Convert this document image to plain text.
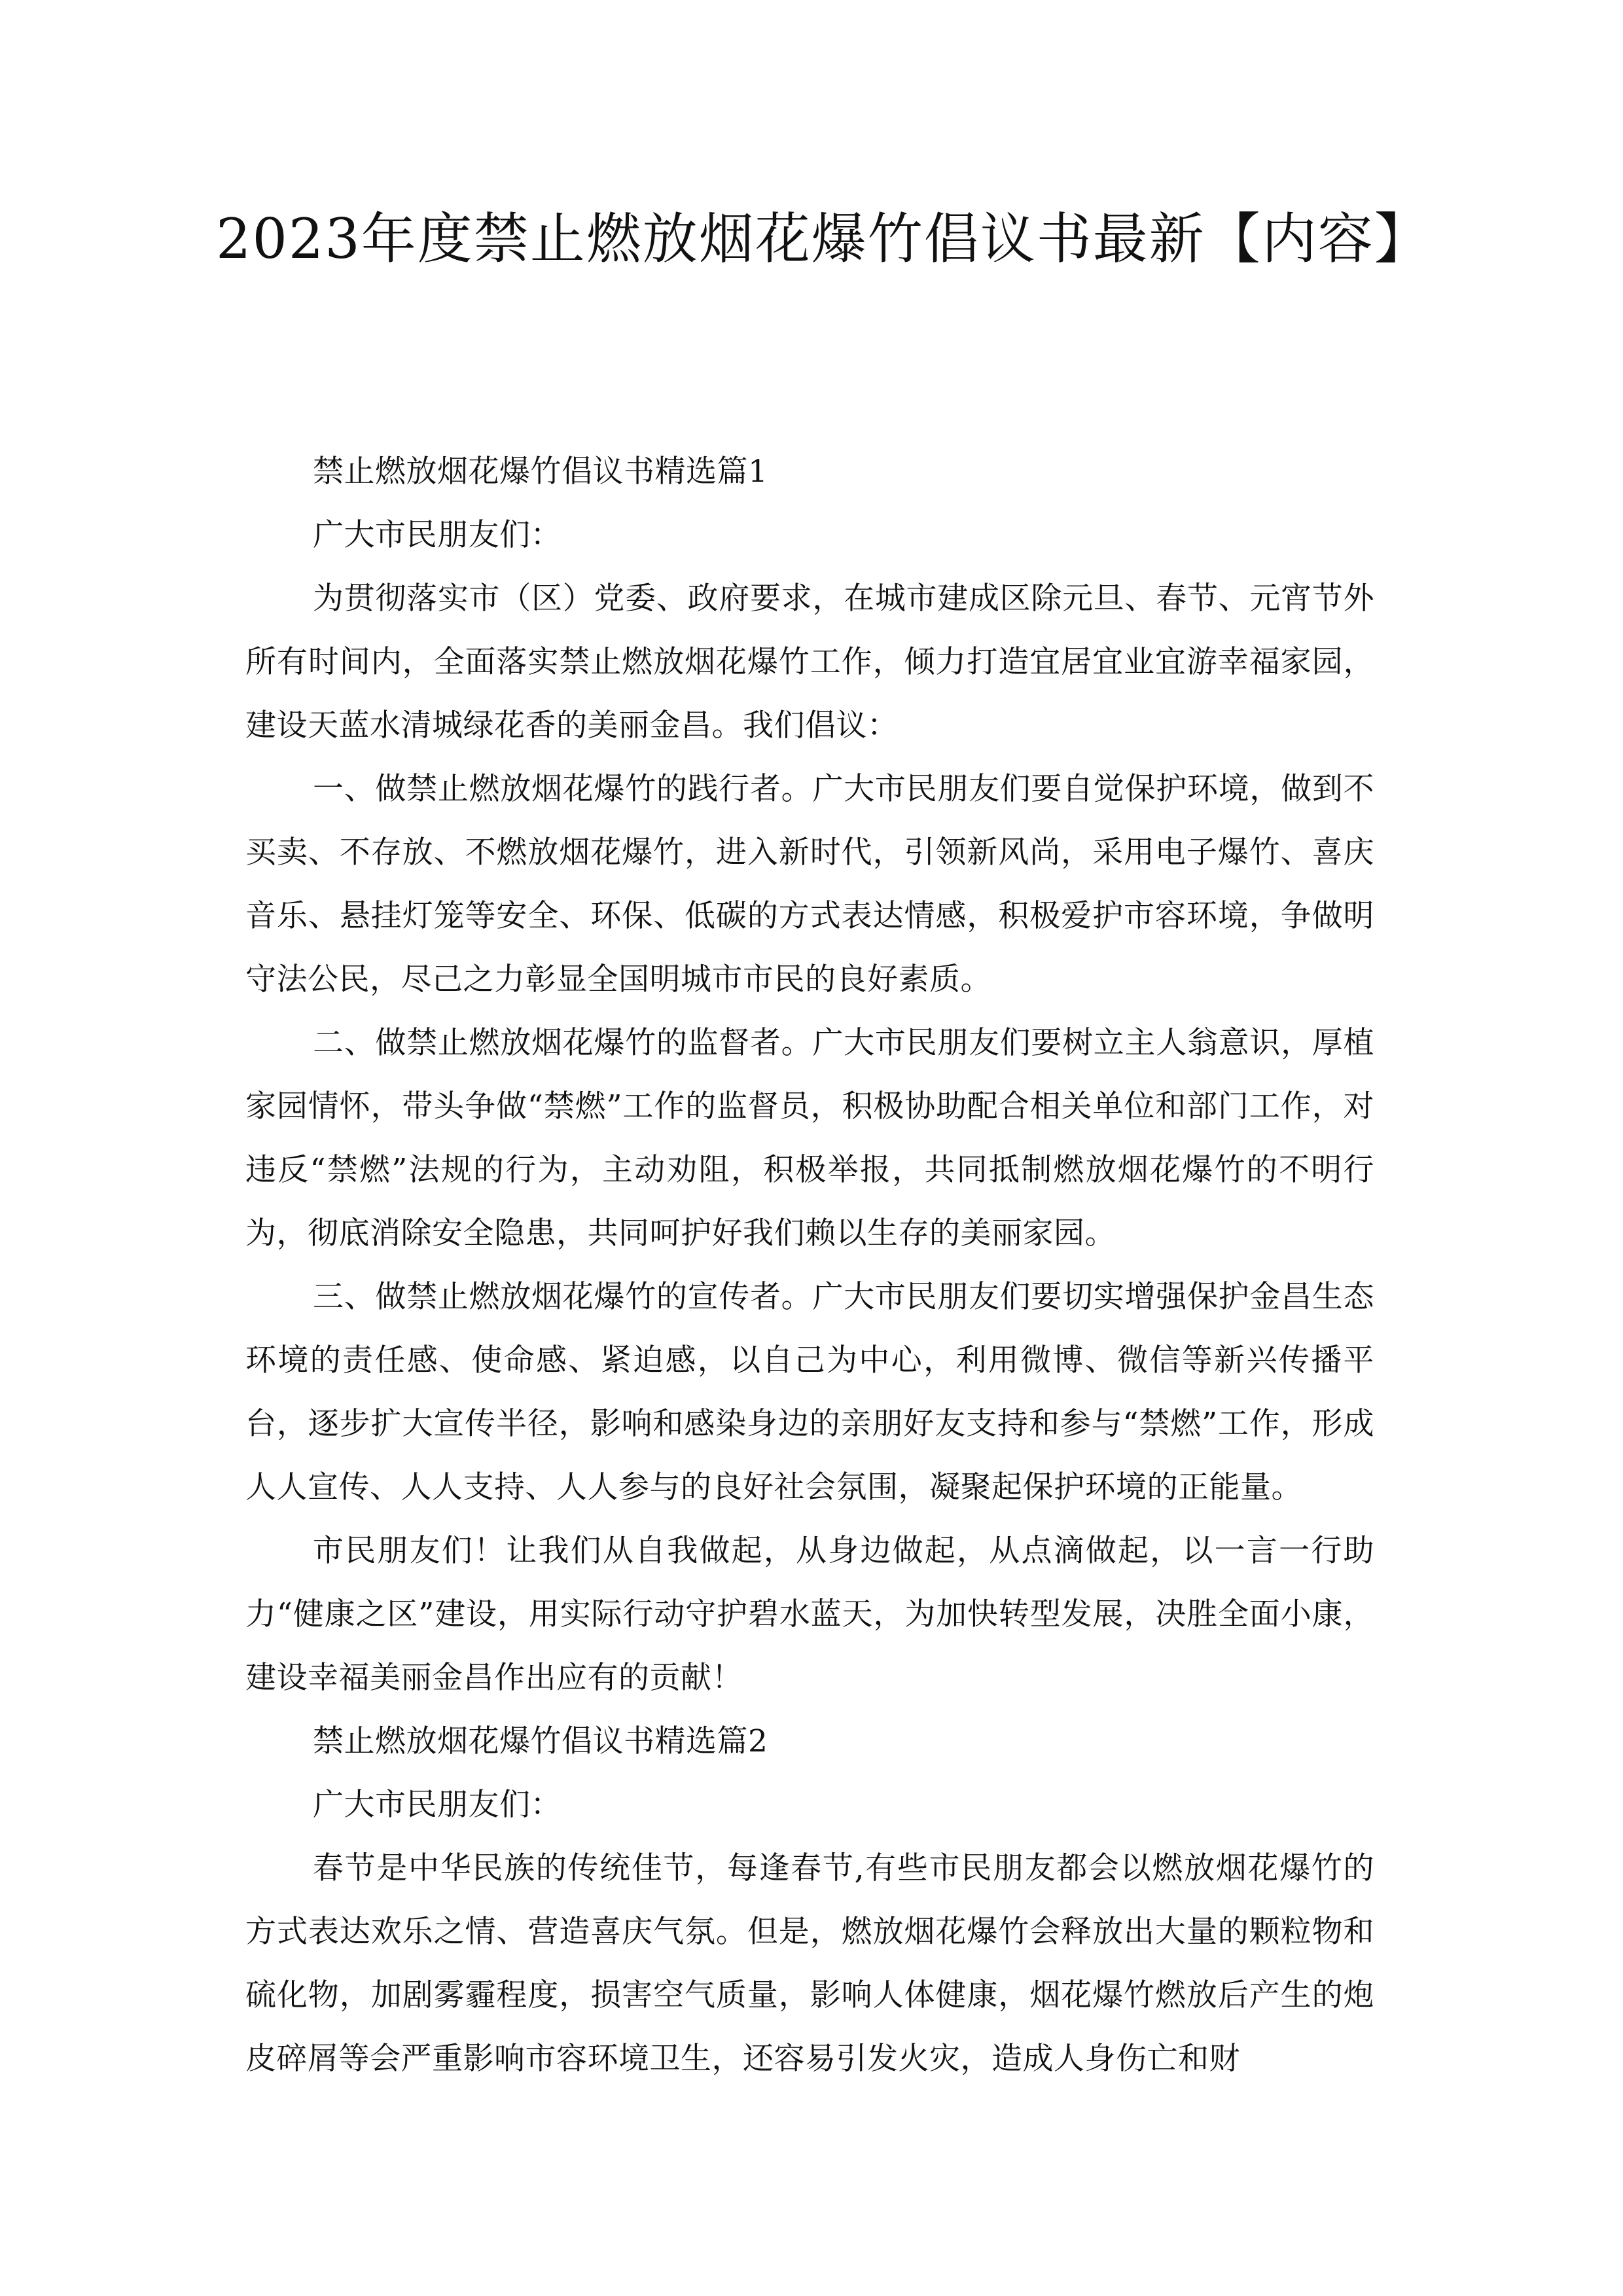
2023年度禁止燃放烟花爆竹倡议书最新【内容】

禁止燃放烟花爆竹倡议书精选篇1

广大市民朋友们：

为贯彻落实市（区）党委、政府要求，在城市建成区除元旦、春节、元宵节外所有时间内，全面落实禁止燃放烟花爆竹工作，倾力打造宜居宜业宜游幸福家园，建设天蓝水清城绿花香的美丽金昌。我们倡议：

一、做禁止燃放烟花爆竹的践行者。广大市民朋友们要自觉保护环境，做到不买卖、不存放、不燃放烟花爆竹，进入新时代，引领新风尚，采用电子爆竹、喜庆音乐、悬挂灯笼等安全、环保、低碳的方式表达情感，积极爱护市容环境，争做明守法公民，尽己之力彰显全国明城市市民的良好素质。

二、做禁止燃放烟花爆竹的监督者。广大市民朋友们要树立主人翁意识，厚植家园情怀，带头争做“禁燃”工作的监督员，积极协助配合相关单位和部门工作，对违反“禁燃”法规的行为，主动劝阻，积极举报，共同抵制燃放烟花爆竹的不明行为，彻底消除安全隐患，共同呵护好我们赖以生存的美丽家园。

三、做禁止燃放烟花爆竹的宣传者。广大市民朋友们要切实增强保护金昌生态环境的责任感、使命感、紧迫感，以自己为中心，利用微博、微信等新兴传播平台，逐步扩大宣传半径，影响和感染身边的亲朋好友支持和参与“禁燃”工作，形成人人宣传、人人支持、人人参与的良好社会氛围，凝聚起保护环境的正能量。

市民朋友们！让我们从自我做起，从身边做起，从点滴做起，以一言一行助力“健康之区”建设，用实际行动守护碧水蓝天，为加快转型发展，决胜全面小康，建设幸福美丽金昌作出应有的贡献！

禁止燃放烟花爆竹倡议书精选篇2

广大市民朋友们：

春节是中华民族的传统佳节，每逢春节,有些市民朋友都会以燃放烟花爆竹的方式表达欢乐之情、营造喜庆气氛。但是，燃放烟花爆竹会释放出大量的颗粒物和硫化物，加剧雾霾程度，损害空气质量，影响人体健康，烟花爆竹燃放后产生的炮皮碎屑等会严重影响市容环境卫生，还容易引发火灾，造成人身伤亡和财
